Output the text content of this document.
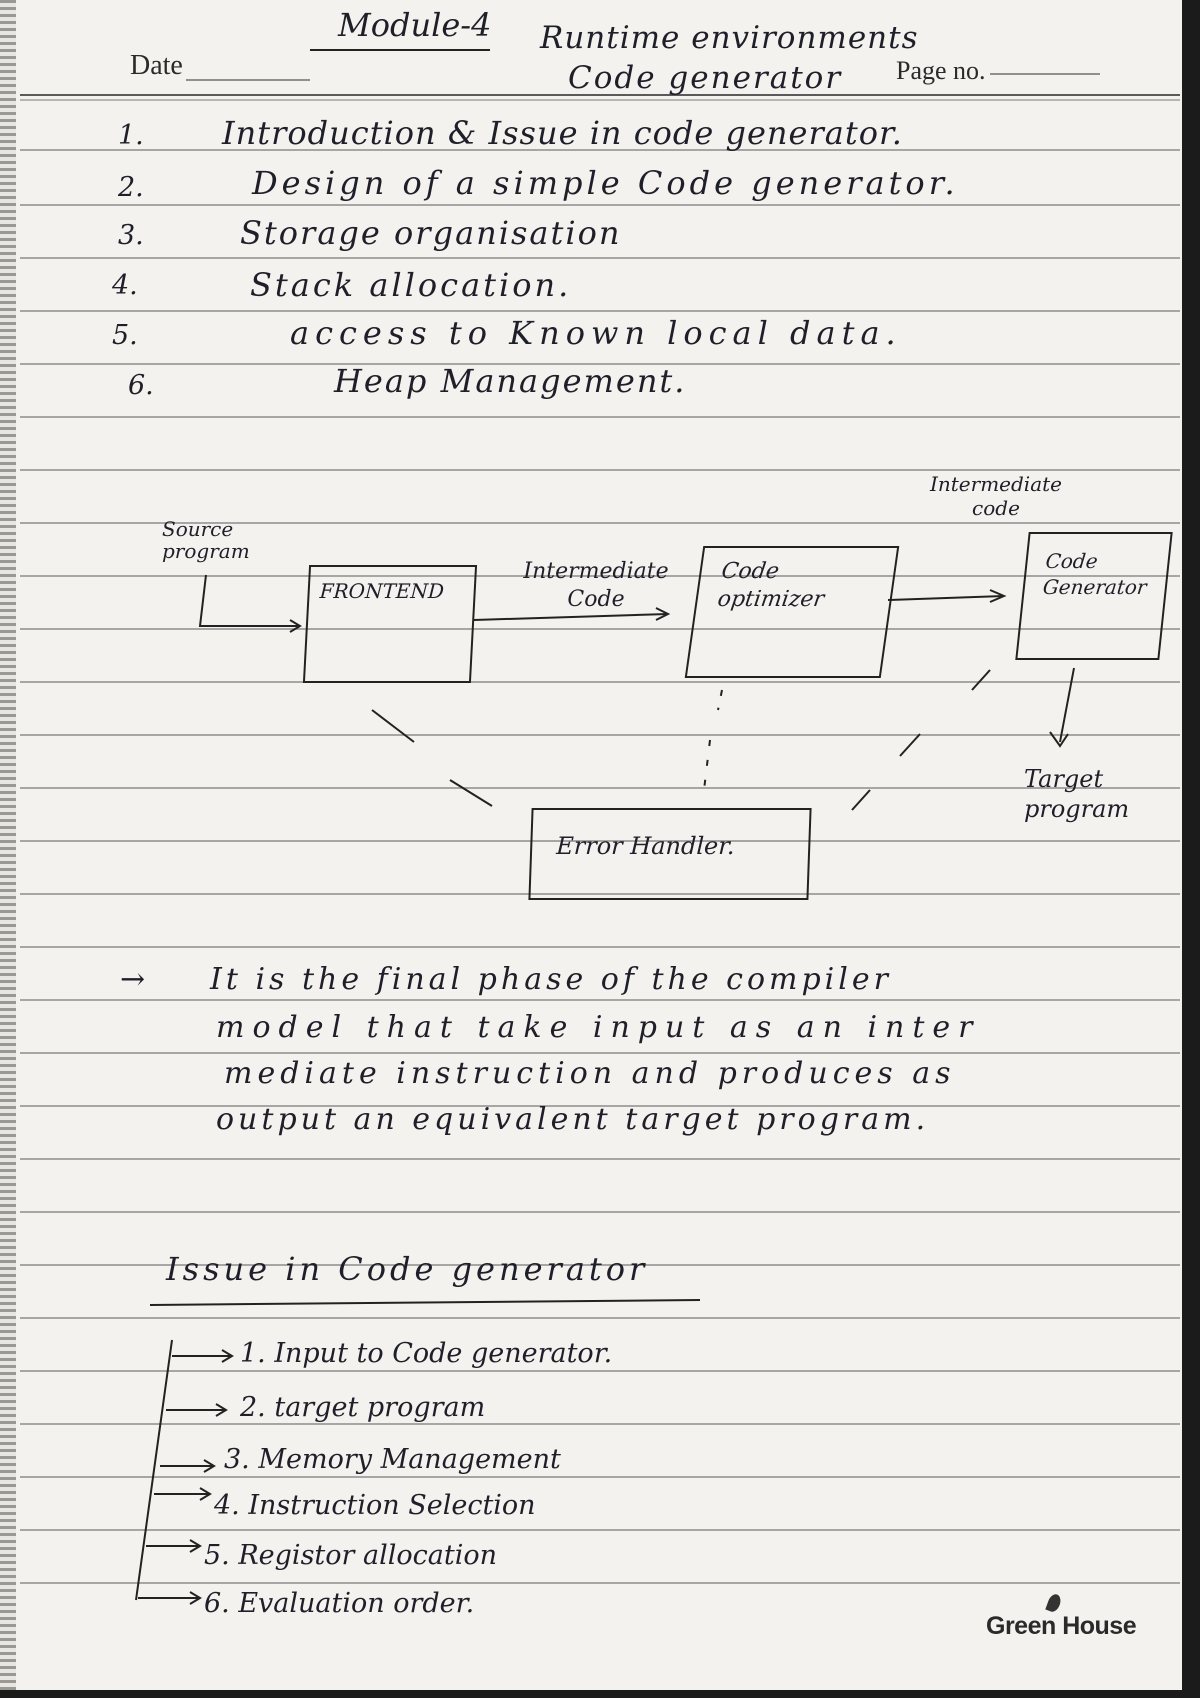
Date	Page no.
Module-4 Runtime environments
Code generator
1. Introduction & Issue in code generator.
2.	Design of a simple Code generator.
3.	Storage organisation
4.	Stack allocation.
5.	access to Known local data.
6.	Heap Management.
Source program
FRONTEND
Intermediate Code
Code optimizer
Intermediate code
Code Generator
Target program
Error Handler.
→ It is the final phase of the compiler
model that take input as an inter
mediate instruction and produces as
output an equivalent target program.
Issue in Code generator
1. Input to Code generator.
2. target program
3. Memory Management
4. Instruction Selection
5. Registor allocation
6. Evaluation order.
Green House
